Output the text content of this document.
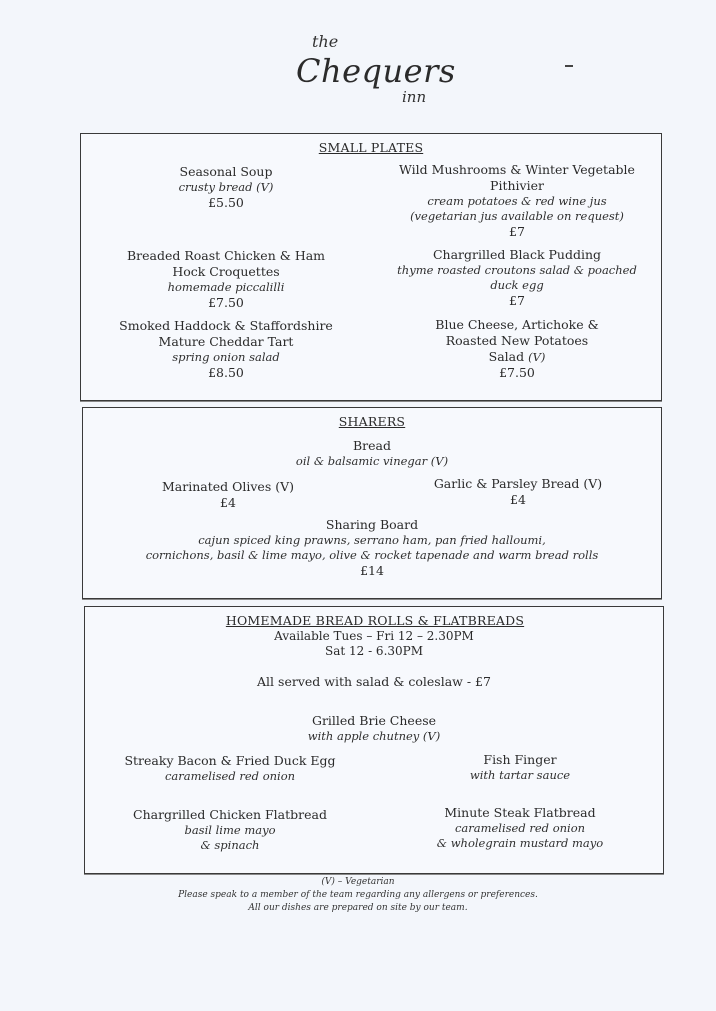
the
Chequers
inn
SMALL PLATES
Seasonal Soup
crusty bread (V)
£5.50
Wild Mushrooms & Winter Vegetable Pithivier
cream potatoes & red wine jus
(vegetarian jus available on request)
£7
Breaded Roast Chicken & Ham Hock Croquettes
homemade piccalilli
£7.50
Chargrilled Black Pudding
thyme roasted croutons salad & poached duck egg
£7
Smoked Haddock & Staffordshire Mature Cheddar Tart
spring onion salad
£8.50
Blue Cheese, Artichoke & Roasted New Potatoes Salad (V)
£7.50
SHARERS
Bread
oil & balsamic vinegar (V)
Marinated Olives (V)
£4
Garlic & Parsley Bread (V)
£4
Sharing Board
cajun spiced king prawns, serrano ham, pan fried halloumi,
cornichons, basil & lime mayo, olive & rocket tapenade and warm bread rolls
£14
HOMEMADE BREAD ROLLS & FLATBREADS
Available Tues – Fri 12 – 2.30PM
Sat 12 - 6.30PM
All served with salad & coleslaw - £7
Grilled Brie Cheese
with apple chutney (V)
Streaky Bacon & Fried Duck Egg
caramelised red onion
Fish Finger
with tartar sauce
Chargrilled Chicken Flatbread
basil lime mayo
& spinach
Minute Steak Flatbread
caramelised red onion
& wholegrain mustard mayo
(V) – Vegetarian
Please speak to a member of the team regarding any allergens or preferences.
All our dishes are prepared on site by our team.
